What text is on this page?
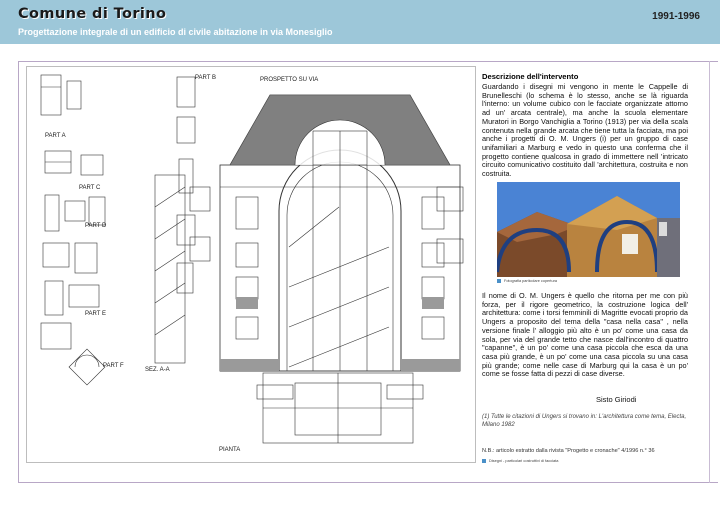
Comune di Torino	1991-1996
Progettazione integrale di un edificio di civile abitazione in via Monesiglio
PROSPETTO SU VIA
PART A
PART B
PART C
PART D
PART E
PART F
SEZ. A-A
PIANTA
Descrizione dell'intervento

Guardando i disegni mi vengono in mente le Cappelle di Brunelleschi (lo schema è lo stesso, anche se là riguarda l'interno: un volume cubico con le facciate organizzate attorno ad un' arcata centrale), ma anche la scuola elementare Muratori in Borgo Vanchiglia a Torino (1913) per via della scala contenuta nella grande arcata che tiene tutta la facciata, ma poi anche i progetti di O. M. Ungers (i) per un gruppo di case unifamiliari a Marburg e vedo in questo una conferma che il progetto contiene qualcosa in grado di immettere nell 'intricato circuito comunicativo costituito dall 'architettura, costruita e non costruita.

Fotografia particolare copertura

Il nome di O. M. Ungers è quello che ritorna per me con più forza, per il rigore geometrico, la costruzione logica dell' architettura: come i torsi femminili di Magritte evocati proprio da Ungers a proposito del tema della "casa nella casa" , nella versione finale l' alloggio più alto è un po' come una casa da sola, per via del grande tetto che nasce dall'incontro di quattro "capanne", è un po' come una casa piccola che esca da una casa più grande, è un po' come una casa piccola su una casa più grande; come nelle case di Marburg qui la casa è un po' come se fosse fatta di pezzi di case diverse.

Sisto Giriodi

(1) Tutte le citazioni di Ungers si trovano in: L'architettura come tema, Electa, Milano 1982

N.B.: articolo estratto dalla rivista "Progetto e cronache" 4/1996 n.° 36
Disegni - particolari costruttivi di facciata
